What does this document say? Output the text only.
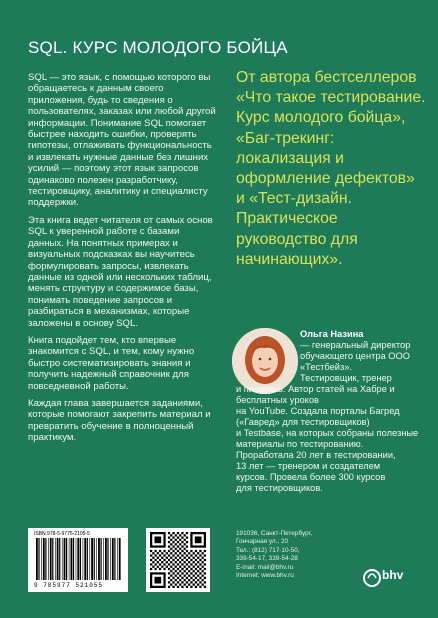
SQL. КУРС МОЛОДОГО БОЙЦА

SQL — это язык, с помощью которого вы обращаетесь к данным своего приложения, будь то сведения о пользователях, заказах или любой другой информации. Понимание SQL помогает быстрее находить ошибки, проверять гипотезы, отлаживать функциональность и извлекать нужные данные без лишних усилий — поэтому этот язык запросов одинаково полезен разработчику, тестировщику, аналитику и специалисту поддержки.

Эта книга ведет читателя от самых основ SQL к уверенной работе с базами данных. На понятных примерах и визуальных подсказках вы научитесь формулировать запросы, извлекать данные из одной или нескольких таблиц, менять структуру и содержимое базы, понимать поведение запросов и разбираться в механизмах, которые заложены в основу SQL.

Книга подойдет тем, кто впервые знакомится с SQL, и тем, кому нужно быстро систематизировать знания и получить надежный справочник для повседневной работы.

Каждая глава завершается заданиями, которые помогают закрепить материал и превратить обучение в полноценный практикум.

От автора бестселлеров «Что такое тестирование. Курс молодого бойца», «Баг-трекинг: локализация и оформление дефектов» и «Тест-дизайн. Практическое руководство для начинающих».
Ольга Назина
— генеральный директор обучающего центра ООО «Тестбейз».
Тестировщик, тренер
и писатель. Автор статей на Хабре и бесплатных уроков
на YouTube. Создала порталы Багред
(«Гавред» для тестировщиков)
и Testbase, на которых собраны полезные материалы по тестированию.
Проработала 20 лет в тестировании,
13 лет — тренером и создателем
курсов. Провела более 300 курсов
для тестировщиков.
ISBN 978-5-9775-2105-5
9 785977 521055
191036, Санкт-Петербург,
Гончарная ул., 20
Тел.: (812) 717-10-50,
339-54-17, 339-54-28
E-mail: mail@bhv.ru
Internet: www.bhv.ru	bhv
